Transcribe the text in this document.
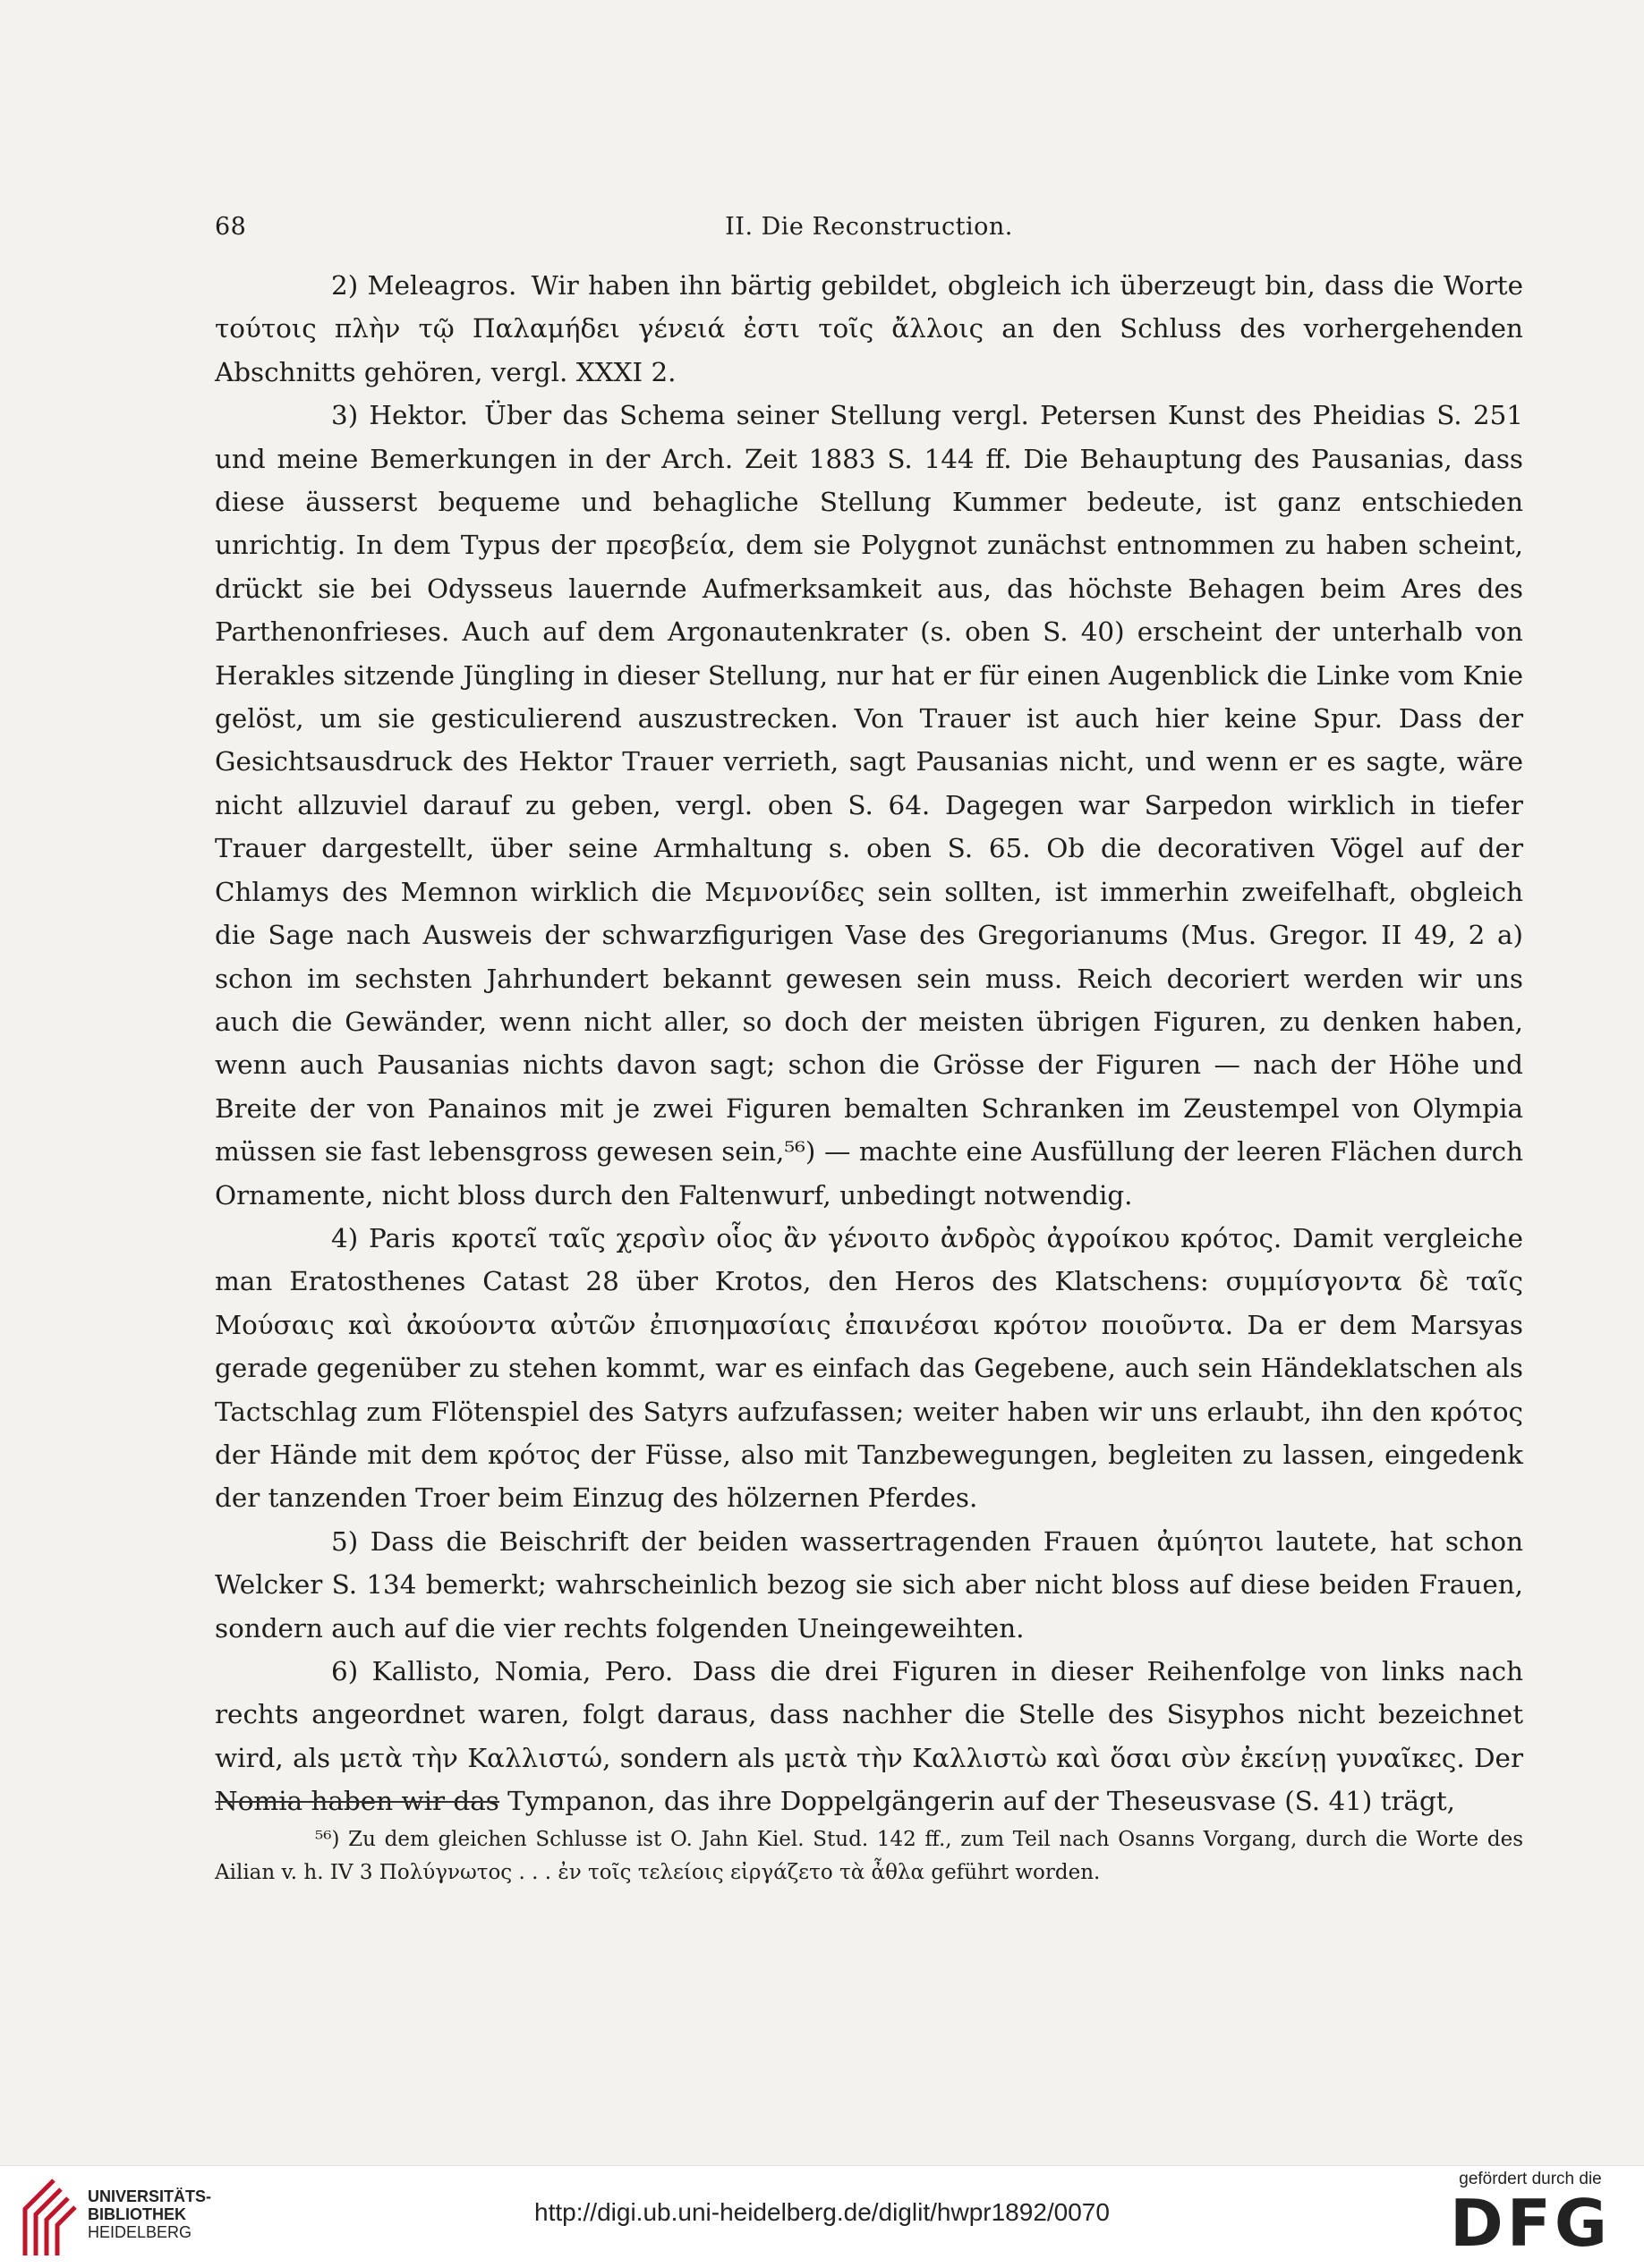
68	II. Die Reconstruction.

2) Meleagros. Wir haben ihn bärtig gebildet, obgleich ich überzeugt bin, dass die Worte τούτοις πλὴν τῷ Παλαμήδει γένειά ἐστι τοῖς ἄλλοις an den Schluss des vorhergehenden Abschnitts gehören, vergl. XXXI 2.

3) Hektor. Über das Schema seiner Stellung vergl. Petersen Kunst des Pheidias S. 251 und meine Bemerkungen in der Arch. Zeit 1883 S. 144 ff. Die Behauptung des Pausanias, dass diese äusserst bequeme und behagliche Stellung Kummer bedeute, ist ganz entschieden unrichtig. In dem Typus der πρεσβεία, dem sie Polygnot zunächst entnommen zu haben scheint, drückt sie bei Odysseus lauernde Aufmerksamkeit aus, das höchste Behagen beim Ares des Parthenonfrieses. Auch auf dem Argonautenkrater (s. oben S. 40) erscheint der unterhalb von Herakles sitzende Jüngling in dieser Stellung, nur hat er für einen Augenblick die Linke vom Knie gelöst, um sie gesticulierend auszustrecken. Von Trauer ist auch hier keine Spur. Dass der Gesichtsausdruck des Hektor Trauer verrieth, sagt Pausanias nicht, und wenn er es sagte, wäre nicht allzuviel darauf zu geben, vergl. oben S. 64. Dagegen war Sarpedon wirklich in tiefer Trauer dargestellt, über seine Armhaltung s. oben S. 65. Ob die decorativen Vögel auf der Chlamys des Memnon wirklich die Μεμνονίδες sein sollten, ist immerhin zweifelhaft, obgleich die Sage nach Ausweis der schwarzfigurigen Vase des Gregorianums (Mus. Gregor. II 49, 2 a) schon im sechsten Jahrhundert bekannt gewesen sein muss. Reich decoriert werden wir uns auch die Gewänder, wenn nicht aller, so doch der meisten übrigen Figuren, zu denken haben, wenn auch Pausanias nichts davon sagt; schon die Grösse der Figuren — nach der Höhe und Breite der von Panainos mit je zwei Figuren bemalten Schranken im Zeustempel von Olympia müssen sie fast lebensgross gewesen sein,⁵⁶) — machte eine Ausfüllung der leeren Flächen durch Ornamente, nicht bloss durch den Faltenwurf, unbedingt notwendig.

4) Paris κροτεῖ ταῖς χερσὶν οἷος ἂν γένοιτο ἀνδρὸς ἀγροίκου κρότος. Damit vergleiche man Eratosthenes Catast 28 über Krotos, den Heros des Klatschens: συμμίσγοντα δὲ ταῖς Μούσαις καὶ ἀκούοντα αὐτῶν ἐπισημασίαις ἐπαινέσαι κρότον ποιοῦντα. Da er dem Marsyas gerade gegenüber zu stehen kommt, war es einfach das Gegebene, auch sein Händeklatschen als Tactschlag zum Flötenspiel des Satyrs aufzufassen; weiter haben wir uns erlaubt, ihn den κρότος der Hände mit dem κρότος der Füsse, also mit Tanzbewegungen, begleiten zu lassen, eingedenk der tanzenden Troer beim Einzug des hölzernen Pferdes.

5) Dass die Beischrift der beiden wassertragenden Frauen ἀμύητοι lautete, hat schon Welcker S. 134 bemerkt; wahrscheinlich bezog sie sich aber nicht bloss auf diese beiden Frauen, sondern auch auf die vier rechts folgenden Uneingeweihten.

6) Kallisto, Nomia, Pero. Dass die drei Figuren in dieser Reihenfolge von links nach rechts angeordnet waren, folgt daraus, dass nachher die Stelle des Sisyphos nicht bezeichnet wird, als μετὰ τὴν Καλλιστώ, sondern als μετὰ τὴν Καλλιστὼ καὶ ὅσαι σὺν ἐκείνῃ γυναῖκες. Der Nomia haben wir das Tympanon, das ihre Doppelgängerin auf der Theseusvase (S. 41) trägt,

⁵⁶) Zu dem gleichen Schlusse ist O. Jahn Kiel. Stud. 142 ff., zum Teil nach Osanns Vorgang, durch die Worte des Ailian v. h. IV 3 Πολύγνωτος . . . ἐν τοῖς τελείοις εἰργάζετο τὰ ἆθλα geführt worden.
UNIVERSITÄTS-
BIBLIOTHEK
HEIDELBERG
http://digi.ub.uni-heidelberg.de/diglit/hwpr1892/0070
gefördert durch die
DFG
